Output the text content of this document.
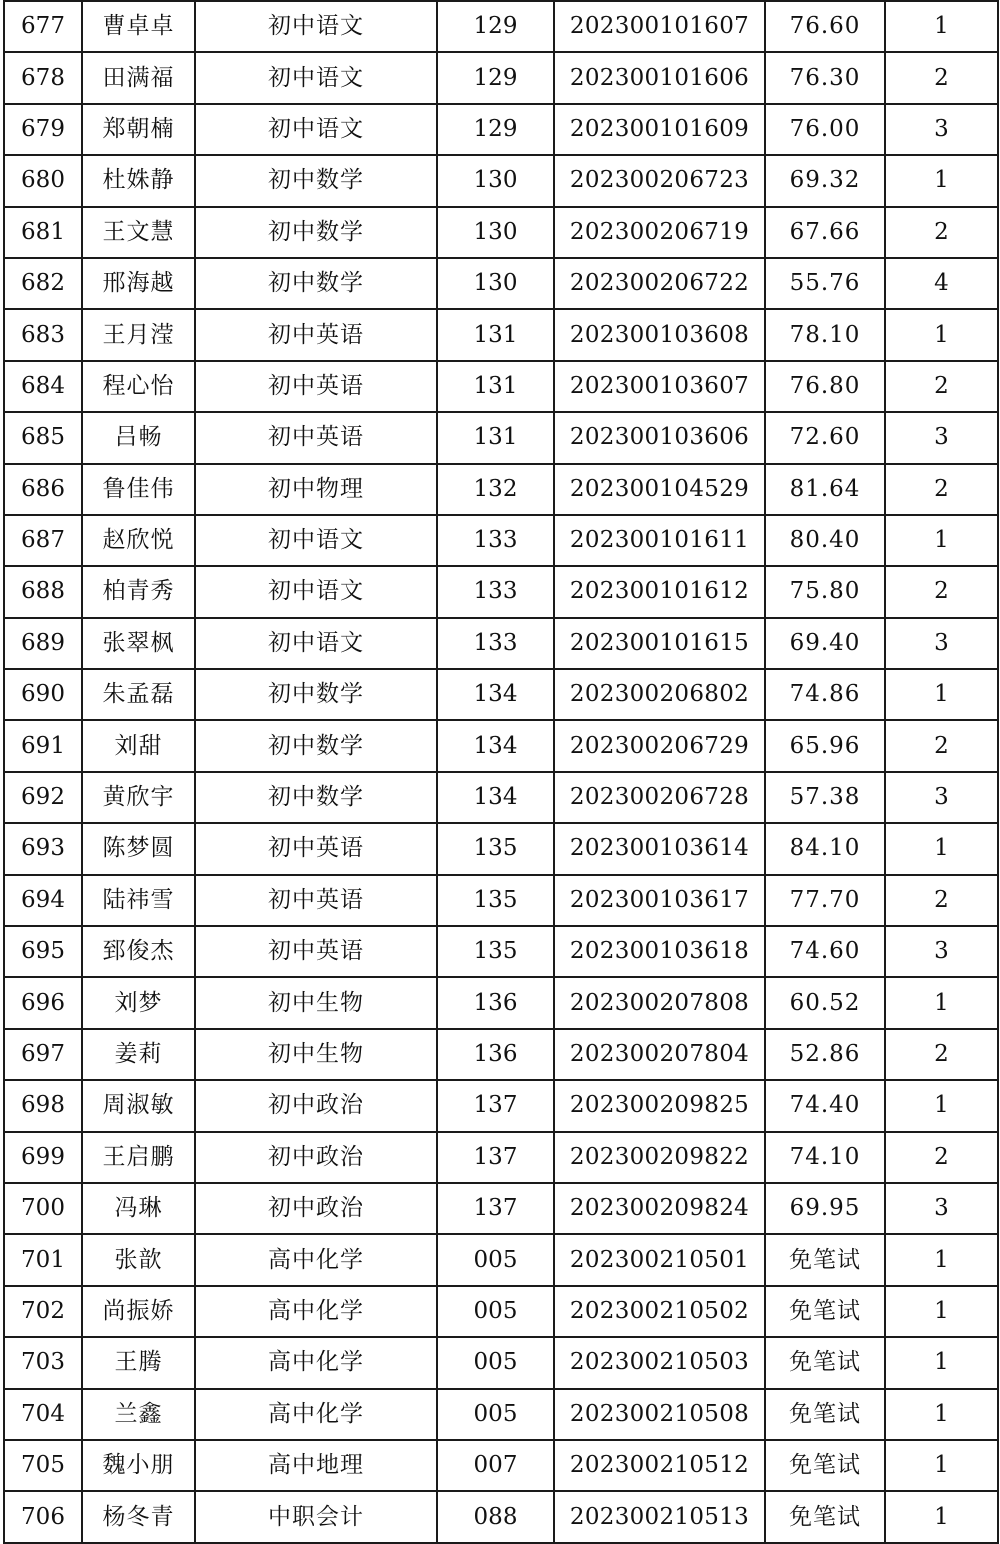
677	曹卓卓	初中语文	129	202300101607	76.60	1
678	田满福	初中语文	129	202300101606	76.30	2
679	郑朝楠	初中语文	129	202300101609	76.00	3
680	杜姝静	初中数学	130	202300206723	69.32	1
681	王文慧	初中数学	130	202300206719	67.66	2
682	邢海越	初中数学	130	202300206722	55.76	4
683	王月滢	初中英语	131	202300103608	78.10	1
684	程心怡	初中英语	131	202300103607	76.80	2
685	吕畅	初中英语	131	202300103606	72.60	3
686	鲁佳伟	初中物理	132	202300104529	81.64	2
687	赵欣悦	初中语文	133	202300101611	80.40	1
688	柏青秀	初中语文	133	202300101612	75.80	2
689	张翠枫	初中语文	133	202300101615	69.40	3
690	朱孟磊	初中数学	134	202300206802	74.86	1
691	刘甜	初中数学	134	202300206729	65.96	2
692	黄欣宇	初中数学	134	202300206728	57.38	3
693	陈梦圆	初中英语	135	202300103614	84.10	1
694	陆祎雪	初中英语	135	202300103617	77.70	2
695	郅俊杰	初中英语	135	202300103618	74.60	3
696	刘梦	初中生物	136	202300207808	60.52	1
697	姜莉	初中生物	136	202300207804	52.86	2
698	周淑敏	初中政治	137	202300209825	74.40	1
699	王启鹏	初中政治	137	202300209822	74.10	2
700	冯琳	初中政治	137	202300209824	69.95	3
701	张歆	高中化学	005	202300210501	免笔试	1
702	尚振娇	高中化学	005	202300210502	免笔试	1
703	王腾	高中化学	005	202300210503	免笔试	1
704	兰鑫	高中化学	005	202300210508	免笔试	1
705	魏小朋	高中地理	007	202300210512	免笔试	1
706	杨冬青	中职会计	088	202300210513	免笔试	1
